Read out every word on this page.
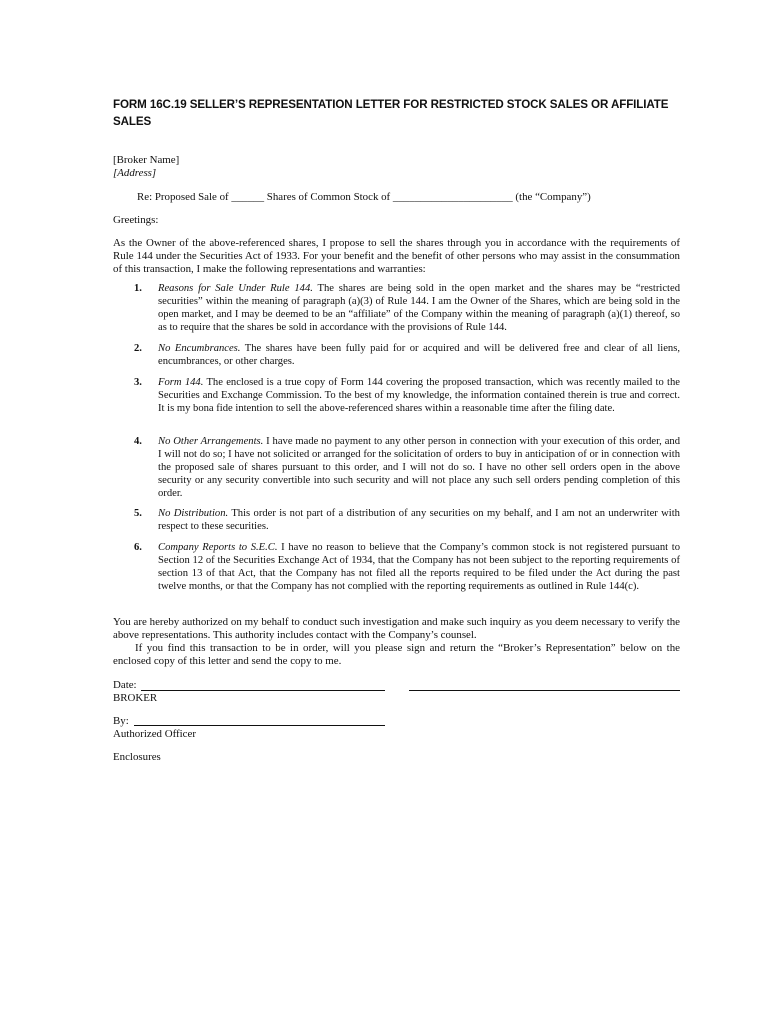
FORM 16C.19 SELLER’S REPRESENTATION LETTER FOR RESTRICTED STOCK SALES OR AFFILIATE SALES
[Broker Name]
[Address]
Re: Proposed Sale of ______ Shares of Common Stock of ______________________ (the “Company”)
Greetings:
As the Owner of the above-referenced shares, I propose to sell the shares through you in accordance with the requirements of Rule 144 under the Securities Act of 1933. For your benefit and the benefit of other persons who may assist in the consummation of this transaction, I make the following representations and warranties:
1. Reasons for Sale Under Rule 144. The shares are being sold in the open market and the shares may be “restricted securities” within the meaning of paragraph (a)(3) of Rule 144. I am the Owner of the Shares, which are being sold in the open market, and I may be deemed to be an “affiliate” of the Company within the meaning of paragraph (a)(1) thereof, so as to require that the shares be sold in accordance with the provisions of Rule 144.
2. No Encumbrances. The shares have been fully paid for or acquired and will be delivered free and clear of all liens, encumbrances, or other charges.
3. Form 144. The enclosed is a true copy of Form 144 covering the proposed transaction, which was recently mailed to the Securities and Exchange Commission. To the best of my knowledge, the information contained therein is true and correct. It is my bona fide intention to sell the above-referenced shares within a reasonable time after the filing date.
4. No Other Arrangements. I have made no payment to any other person in connection with your execution of this order, and I will not do so; I have not solicited or arranged for the solicitation of orders to buy in anticipation of or in connection with the proposed sale of shares pursuant to this order, and I will not do so. I have no other sell orders open in the above security or any security convertible into such security and will not place any such sell orders pending completion of this order.
5. No Distribution. This order is not part of a distribution of any securities on my behalf, and I am not an underwriter with respect to these securities.
6. Company Reports to S.E.C. I have no reason to believe that the Company’s common stock is not registered pursuant to Section 12 of the Securities Exchange Act of 1934, that the Company has not been subject to the reporting requirements of section 13 of that Act, that the Company has not filed all the reports required to be filed under the Act during the past twelve months, or that the Company has not complied with the reporting requirements as outlined in Rule 144(c).
You are hereby authorized on my behalf to conduct such investigation and make such inquiry as you deem necessary to verify the above representations. This authority includes contact with the Company’s counsel.
If you find this transaction to be in order, will you please sign and return the “Broker’s Representation” below on the enclosed copy of this letter and send the copy to me.
Date:
BROKER
By:
Authorized Officer
Enclosures
